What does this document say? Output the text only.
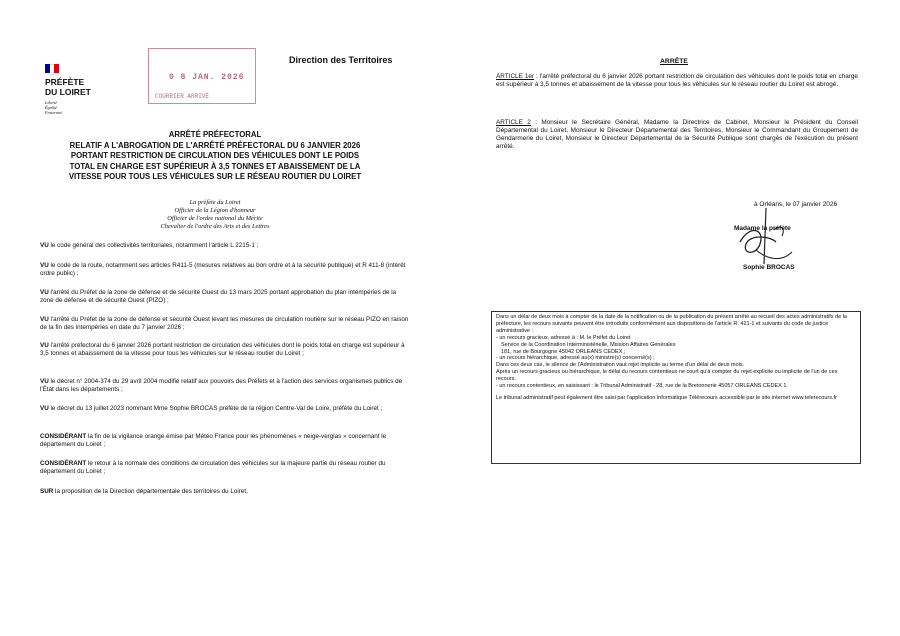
PRÉFÈTE
DU LOIRET
Liberté
Égalité
Fraternité
0 8 JAN. 2026
COURRIER ARRIVÉ
Direction des Territoires
ARRÊTÉ PRÉFECTORAL
RELATIF A L'ABROGATION DE L'ARRÊTÉ PRÉFECTORAL DU 6 JANVIER 2026
PORTANT RESTRICTION DE CIRCULATION DES VÉHICULES DONT LE POIDS
TOTAL EN CHARGE EST SUPÉRIEUR À 3,5 TONNES ET ABAISSEMENT DE LA
VITESSE POUR TOUS LES VÉHICULES SUR LE RÉSEAU ROUTIER DU LOIRET
La préfète du Loiret
Officier de la Légion d'honneur
Officier de l'ordre national du Mérite
Chevalier de l'ordre des Arts et des Lettres
VU le code général des collectivités territoriales, notamment l'article L 2215-1 ;
VU le code de la route, notamment ses articles R411-5 (mesures relatives au bon ordre et à la sécurité publique) et R 411-8 (intérêt ordre public) ;
VU l'arrêté du Préfet de la zone de défense et de sécurité Ouest du 13 mars 2025 portant approbation du plan intempéries de la zone de défense et de sécurité Ouest (PIZO) ;
VU l'arrêté du Préfet de la zone de défense et sécurité Ouest levant les mesures de circulation routière sur le réseau PIZO en raison de la fin des intempéries en date du 7 janvier 2026 ;
VU l'arrêté préfectoral du 6 janvier 2026 portant restriction de circulation des véhicules dont le poids total en charge est supérieur à 3,5 tonnes et abaissement de la vitesse pour tous les véhicules sur le réseau routier du Loiret ;
VU le décret n° 2004-374 du 29 avril 2004 modifié relatif aux pouvoirs des Préfets et à l'action des services organismes publics de l'État dans les départements ;
VU le décret du 13 juillet 2023 nommant Mme Sophie BROCAS préfète de la région Centre-Val de Loire, préfète du Loiret ;
CONSIDÉRANT la fin de la vigilance orange émise par Météo France pour les phénomènes « neige-verglas » concernant le département du Loiret ;
CONSIDÉRANT le retour à la normale des conditions de circulation des véhicules sur la majeure partie du réseau routier du département du Loiret ;
SUR la proposition de la Direction départementale des territoires du Loiret,
ARRÊTE
ARTICLE 1er : l'arrêté préfectoral du 6 janvier 2026 portant restriction de circulation des véhicules dont le poids total en charge est supérieur à 3,5 tonnes et abaissement de la vitesse pour tous les véhicules sur le réseau routier du Loiret est abrogé.
ARTICLE 2 : Monsieur le Secrétaire Général, Madame la Directrice de Cabinet, Monsieur le Président du Conseil Départemental du Loiret, Monsieur le Directeur Départemental des Territoires, Monsieur le Commandant du Groupement de Gendarmerie du Loiret, Monsieur le Directeur Départemental de la Sécurité Publique sont chargés de l'exécution du présent arrêté.
à Orléans, le 07 janvier 2026
Madame la préfète
Sophie BROCAS

Dans un délai de deux mois à compter de la date de la notification ou de la publication du présent arrêté au recueil des actes administratifs de la préfecture, les recours suivants peuvent être introduits conformément aux dispositions de l'article R. 421-1 et suivants du code de justice administrative :

- un recours gracieux, adressé à : M. le Préfet du Loiret

Service de la Coordination Interministérielle, Mission Affaires Générales

181, rue de Bourgogne 45042 ORLEANS CEDEX ;

- un recours hiérarchique, adressé au(x) ministre(s) concerné(s) ;

Dans ces deux cas, le silence de l'Administration vaut rejet implicite au terme d'un délai de deux mois.

Après un recours gracieux ou hiérarchique, le délai du recours contentieux ne court qu'à compter du rejet explicite ou implicite de l'un de ces recours.

- un recours contentieux, en saisissant : le Tribunal Administratif - 28, rue de la Bretonnerie 45057 ORLEANS CEDEX 1.

Le tribunal administratif peut également être saisi par l'application informatique Télérecours accessible par le site internet www.telerecours.fr
